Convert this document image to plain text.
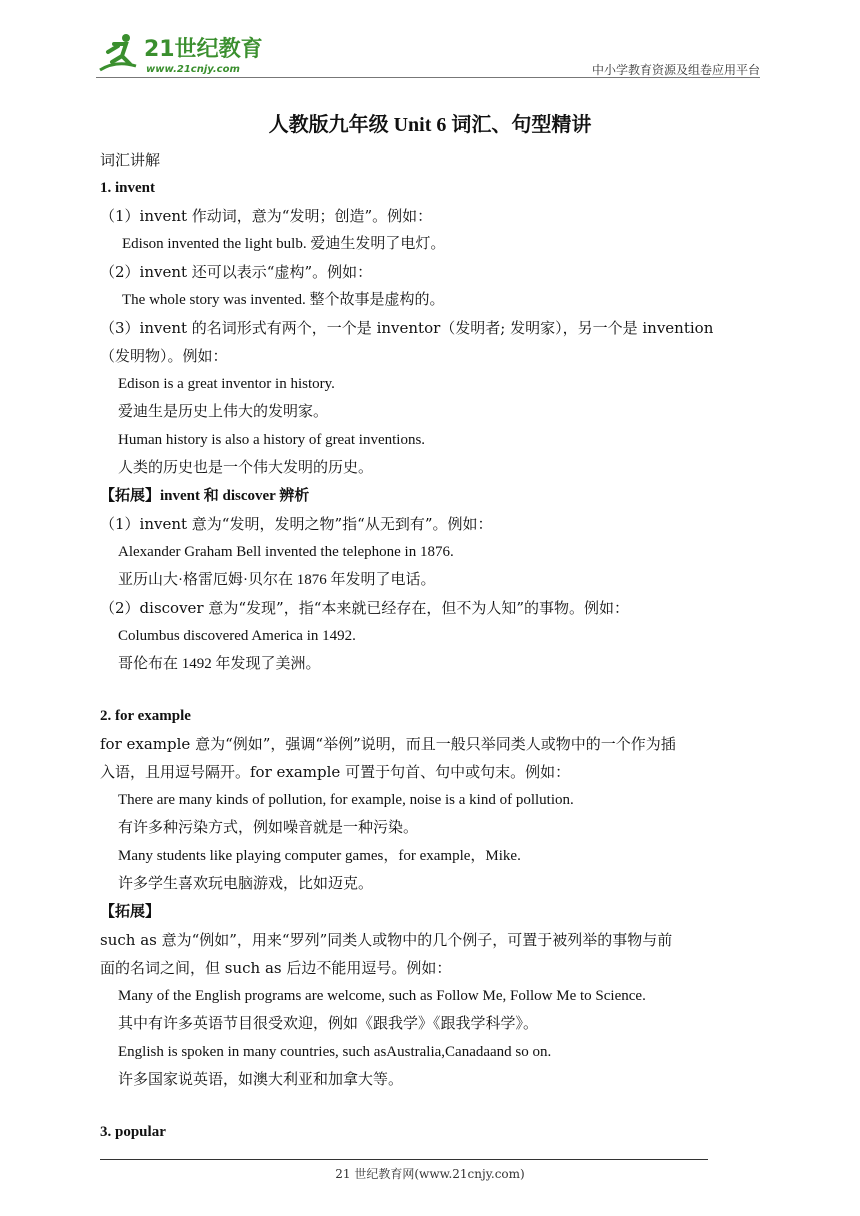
21世纪教育
www.21cnjy.com	中小学教育资源及组卷应用平台
人教版九年级 Unit 6 词汇、句型精讲
词汇讲解
1. invent
（1）invent 作动词，意为“发明；创造”。例如：
Edison invented the light bulb. 爱迪生发明了电灯。
（2）invent 还可以表示“虚构”。例如：
The whole story was invented. 整个故事是虚构的。
（3）invent 的名词形式有两个，一个是 inventor（发明者; 发明家），另一个是 invention
（发明物）。例如：
Edison is a great inventor in history.
爱迪生是历史上伟大的发明家。
Human history is also a history of great inventions.
人类的历史也是一个伟大发明的历史。
【拓展】invent 和 discover 辨析
（1）invent 意为“发明，发明之物”指“从无到有”。例如：
Alexander Graham Bell invented the telephone in 1876.
亚历山大·格雷厄姆·贝尔在 1876 年发明了电话。
（2）discover 意为“发现”，指“本来就已经存在，但不为人知”的事物。例如：
Columbus discovered America in 1492.
哥伦布在 1492 年发现了美洲。
2. for example
for example 意为“例如”，强调“举例”说明，而且一般只举同类人或物中的一个作为插
入语，且用逗号隔开。for example 可置于句首、句中或句末。例如：
There are many kinds of pollution, for example, noise is a kind of pollution.
有许多种污染方式，例如噪音就是一种污染。
Many students like playing computer games，for example，Mike.
许多学生喜欢玩电脑游戏，比如迈克。
【拓展】
such as 意为“例如”，用来“罗列”同类人或物中的几个例子，可置于被列举的事物与前
面的名词之间，但 such as 后边不能用逗号。例如：
Many of the English programs are welcome, such as Follow Me, Follow Me to Science.
其中有许多英语节目很受欢迎，例如《跟我学》《跟我学科学》。
English is spoken in many countries, such asAustralia,Canadaand so on.
许多国家说英语，如澳大利亚和加拿大等。
3. popular
21 世纪教育网(www.21cnjy.com)
